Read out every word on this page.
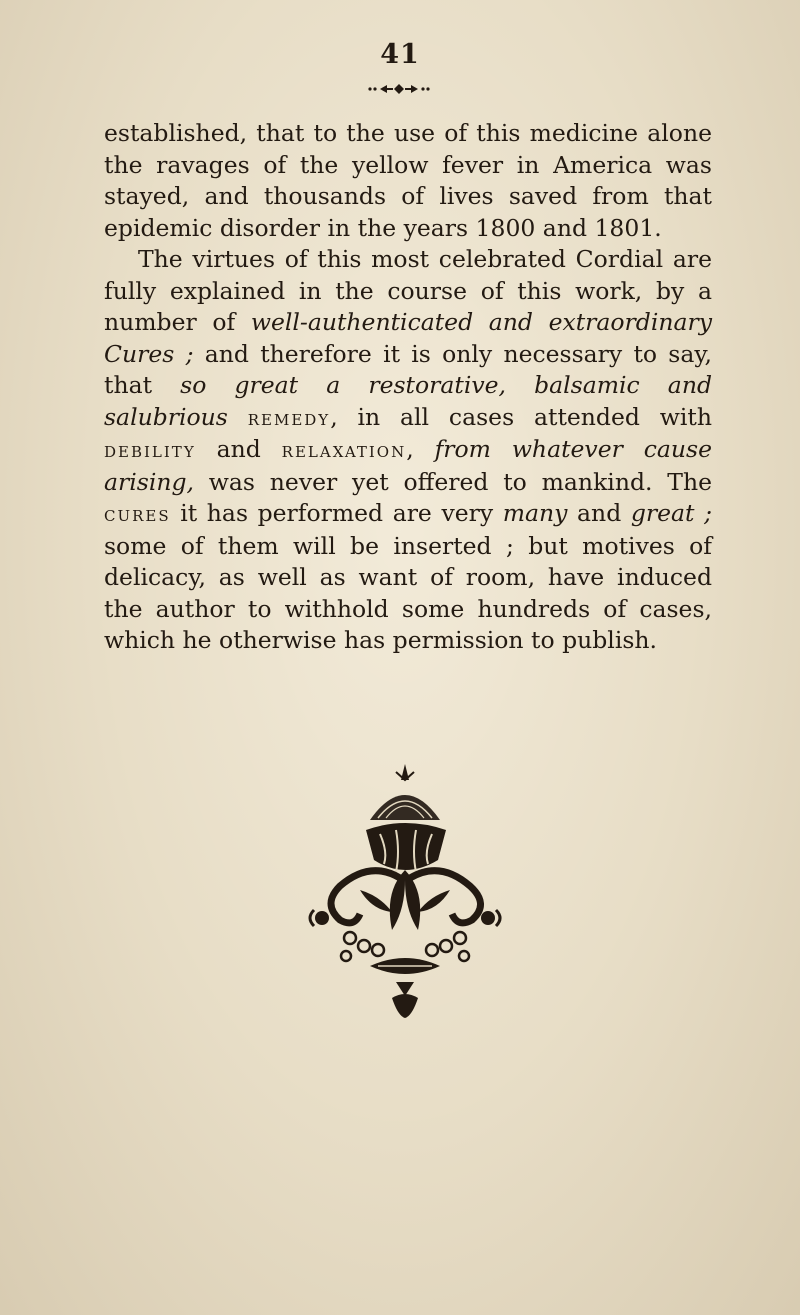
41

established, that to the use of this medicine alone the ravages of the yellow fever in America was stayed, and thousands of lives saved from that epidemic disorder in the years 1800 and 1801.

The virtues of this most celebrated Cordial are fully explained in the course of this work, by a number of well-authenticated and extraordinary Cures ; and therefore it is only necessary to say, that so great a restorative, balsamic and salubrious remedy, in all cases attended with debility and relaxation, from whatever cause arising, was never yet offered to mankind. The cures it has performed are very many and great ; some of them will be inserted ; but motives of delicacy, as well as want of room, have induced the author to withhold some hundreds of cases, which he otherwise has permission to publish.
